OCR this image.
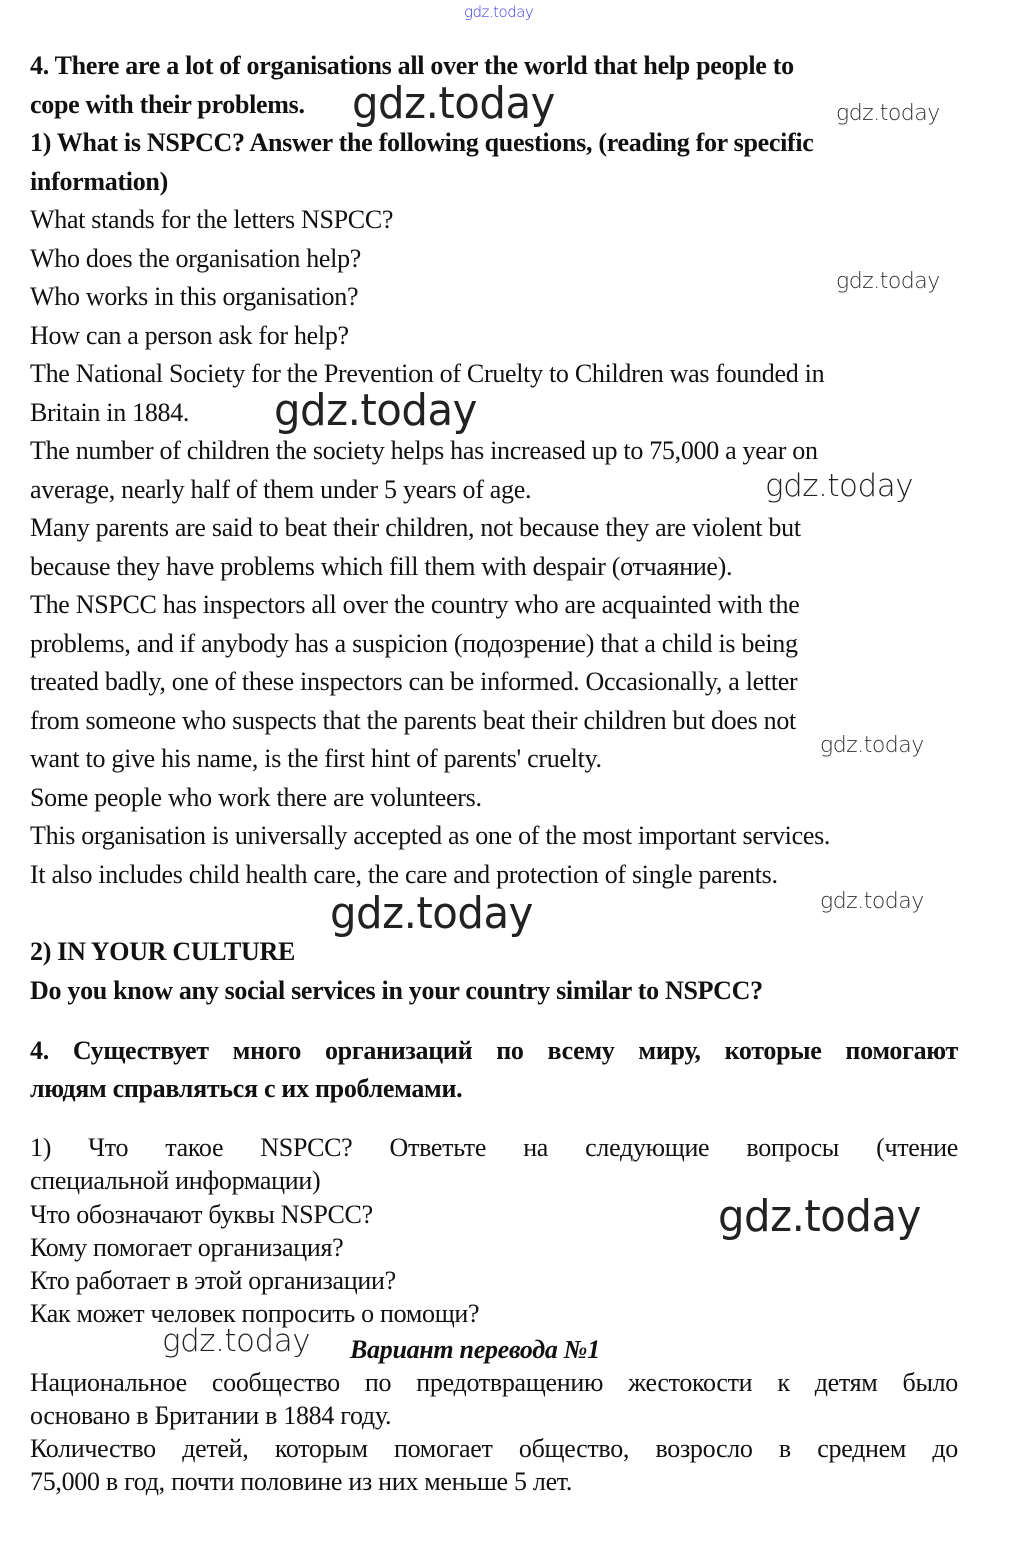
gdz.today
4. There are a lot of organisations all over the world that help people to
cope with their problems.
1) What is NSPCC? Answer the following questions, (reading for specific
information)
What stands for the letters NSPCC?
Who does the organisation help?
Who works in this organisation?
How can a person ask for help?
The National Society for the Prevention of Cruelty to Children was founded in
Britain in 1884.
The number of children the society helps has increased up to 75,000 a year on
average, nearly half of them under 5 years of age.
Many parents are said to beat their children, not because they are violent but
because they have problems which fill them with despair (отчаяние).
The NSPCC has inspectors all over the country who are acquainted with the
problems, and if anybody has a suspicion (подозрение) that a child is being
treated badly, one of these inspectors can be informed. Occasionally, a letter
from someone who suspects that the parents beat their children but does not
want to give his name, is the first hint of parents' cruelty.
Some people who work there are volunteers.
This organisation is universally accepted as one of the most important services.
It also includes child health care, the care and protection of single parents.
2) IN YOUR CULTURE
Do you know any social services in your country similar to NSPCC?
4. Существует много организаций по всему миру, которые помогают
людям справляться с их проблемами.
1) Что такое NSPCC? Ответьте на следующие вопросы (чтение
специальной информации)
Что обозначают буквы NSPCC?
Кому помогает организация?
Кто работает в этой организации?
Как может человек попросить о помощи?
Вариант перевода №1
Национальное сообщество по предотвращению жестокости к детям было
основано в Британии в 1884 году.
Количество детей, которым помогает общество, возросло в среднем до
75,000 в год, почти половине из них меньше 5 лет.
gdz.today	gdz.today
gdz.today
gdz.today
gdz.today
gdz.today
gdz.today	gdz.today
gdz.today
gdz.today
